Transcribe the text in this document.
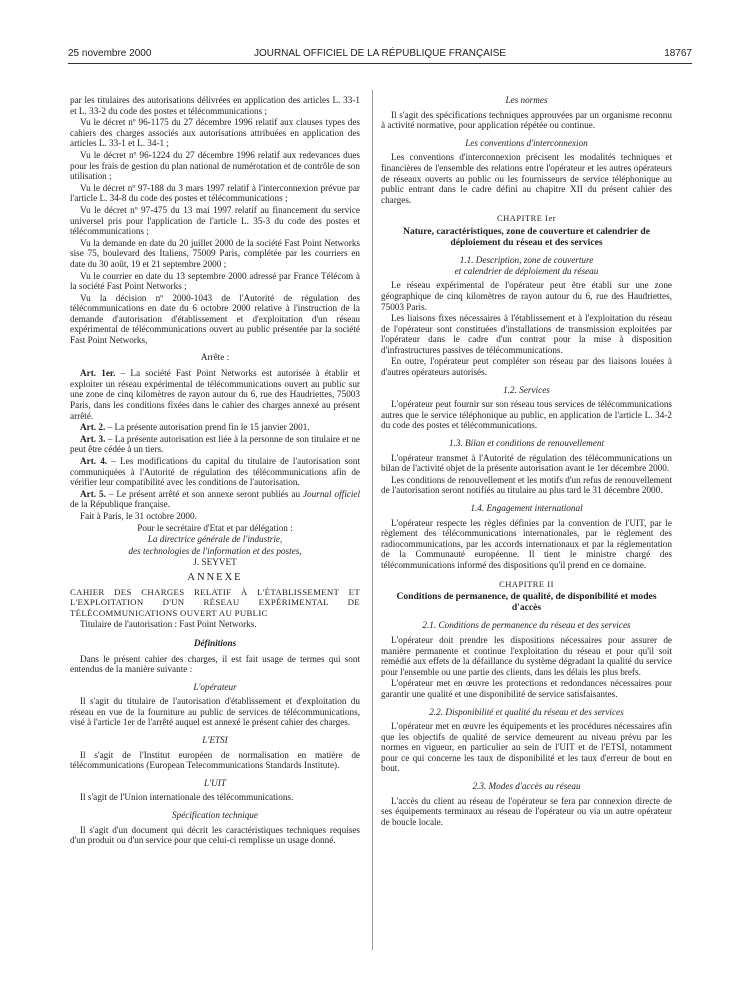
25 novembre 2000	JOURNAL OFFICIEL DE LA RÉPUBLIQUE FRANÇAISE	18767

par les titulaires des autorisations délivrées en application des articles L. 33-1 et L. 33-2 du code des postes et télécommunications ;

Vu le décret nº 96-1175 du 27 décembre 1996 relatif aux clauses types des cahiers des charges associés aux autorisations attribuées en application des articles L. 33-1 et L. 34-1 ;

Vu le décret nº 96-1224 du 27 décembre 1996 relatif aux redevances dues pour les frais de gestion du plan national de numérotation et de contrôle de son utilisation ;

Vu le décret nº 97-188 du 3 mars 1997 relatif à l'interconnexion prévue par l'article L. 34-8 du code des postes et télécommunications ;

Vu le décret nº 97-475 du 13 mai 1997 relatif au financement du service universel pris pour l'application de l'article L. 35-3 du code des postes et télécommunications ;

Vu la demande en date du 20 juillet 2000 de la société Fast Point Networks sise 75, boulevard des Italiens, 75009 Paris, complétée par les courriers en date du 30 août, 19 et 21 septembre 2000 ;

Vu le courrier en date du 13 septembre 2000 adressé par France Télécom à la société Fast Point Networks ;

Vu la décision nº 2000-1043 de l'Autorité de régulation des télécommunications en date du 6 octobre 2000 relative à l'instruction de la demande d'autorisation d'établissement et d'exploitation d'un réseau expérimental de télécommunications ouvert au public présentée par la société Fast Point Networks,

Arrête :

Art. 1er. – La société Fast Point Networks est autorisée à établir et exploiter un réseau expérimental de télécommunications ouvert au public sur une zone de cinq kilomètres de rayon autour du 6, rue des Haudriettes, 75003 Paris, dans les conditions fixées dans le cahier des charges annexé au présent arrêté.

Art. 2. – La présente autorisation prend fin le 15 janvier 2001.

Art. 3. – La présente autorisation est liée à la personne de son titulaire et ne peut être cédée à un tiers.

Art. 4. – Les modifications du capital du titulaire de l'autorisation sont communiquées à l'Autorité de régulation des télécommunications afin de vérifier leur compatibilité avec les conditions de l'autorisation.

Art. 5. – Le présent arrêté et son annexe seront publiés au Journal officiel de la République française.

Fait à Paris, le 31 octobre 2000.

Pour le secrétaire d'Etat et par délégation :

La directrice générale de l'industrie,

des technologies de l'information et des postes,

J. SEYVET

ANNEXE

CAHIER DES CHARGES RELATIF À L'ÉTABLISSEMENT ET L'EXPLOITATION D'UN RÉSEAU EXPÉRIMENTAL DE TÉLÉCOMMUNICATIONS OUVERT AU PUBLIC

Titulaire de l'autorisation : Fast Point Networks.

Définitions

Dans le présent cahier des charges, il est fait usage de termes qui sont entendus de la manière suivante :

L'opérateur

Il s'agit du titulaire de l'autorisation d'établissement et d'exploitation du réseau en vue de la fourniture au public de services de télécommunications, visé à l'article 1er de l'arrêté auquel est annexé le présent cahier des charges.

L'ETSI

Il s'agit de l'Institut européen de normalisation en matière de télécommunications (European Telecommunications Standards Institute).

L'UIT

Il s'agit de l'Union internationale des télécommunications.

Spécification technique

Il s'agit d'un document qui décrit les caractéristiques techniques requises d'un produit ou d'un service pour que celui-ci remplisse un usage donné.

Les normes

Il s'agit des spécifications techniques approuvées par un organisme reconnu à activité normative, pour application répétée ou continue.

Les conventions d'interconnexion

Les conventions d'interconnexion précisent les modalités techniques et financières de l'ensemble des relations entre l'opérateur et les autres opérateurs de réseaux ouverts au public ou les fournisseurs de service téléphonique au public entrant dans le cadre défini au chapitre XII du présent cahier des charges.

CHAPITRE Ier

Nature, caractéristiques, zone de couverture et calendrier de déploiement du réseau et des services

1.1. Description, zone de couverture

et calendrier de déploiement du réseau

Le réseau expérimental de l'opérateur peut être établi sur une zone géographique de cinq kilomètres de rayon autour du 6, rue des Haudriettes, 75003 Paris.

Les liaisons fixes nécessaires à l'établissement et à l'exploitation du réseau de l'opérateur sont constituées d'installations de transmission exploitées par l'opérateur dans le cadre d'un contrat pour la mise à disposition d'infrastructures passives de télécommunications.

En outre, l'opérateur peut compléter son réseau par des liaisons louées à d'autres opérateurs autorisés.

1.2. Services

L'opérateur peut fournir sur son réseau tous services de télécommunications autres que le service téléphonique au public, en application de l'article L. 34-2 du code des postes et télécommunications.

1.3. Bilan et conditions de renouvellement

L'opérateur transmet à l'Autorité de régulation des télécommunications un bilan de l'activité objet de la présente autorisation avant le 1er décembre 2000.

Les conditions de renouvellement et les motifs d'un refus de renouvellement de l'autorisation seront notifiés au titulaire au plus tard le 31 décembre 2000.

1.4. Engagement international

L'opérateur respecte les règles définies par la convention de l'UIT, par le règlement des télécommunications internationales, par le règlement des radiocommunications, par les accords internationaux et par la réglementation de la Communauté européenne. Il tient le ministre chargé des télécommunications informé des dispositions qu'il prend en ce domaine.

CHAPITRE II

Conditions de permanence, de qualité, de disponibilité et modes d'accès

2.1. Conditions de permanence du réseau et des services

L'opérateur doit prendre les dispositions nécessaires pour assurer de manière permanente et continue l'exploitation du réseau et pour qu'il soit remédié aux effets de la défaillance du système dégradant la qualité du service pour l'ensemble ou une partie des clients, dans les délais les plus brefs.

L'opérateur met en œuvre les protections et redondances nécessaires pour garantir une qualité et une disponibilité de service satisfaisantes.

2.2. Disponibilité et qualité du réseau et des services

L'opérateur met en œuvre les équipements et les procédures nécessaires afin que les objectifs de qualité de service demeurent au niveau prévu par les normes en vigueur, en particulier au sein de l'UIT et de l'ETSI, notamment pour ce qui concerne les taux de disponibilité et les taux d'erreur de bout en bout.

2.3. Modes d'accès au réseau

L'accès du client au réseau de l'opérateur se fera par connexion directe de ses équipements terminaux au réseau de l'opérateur ou via un autre opérateur de boucle locale.
